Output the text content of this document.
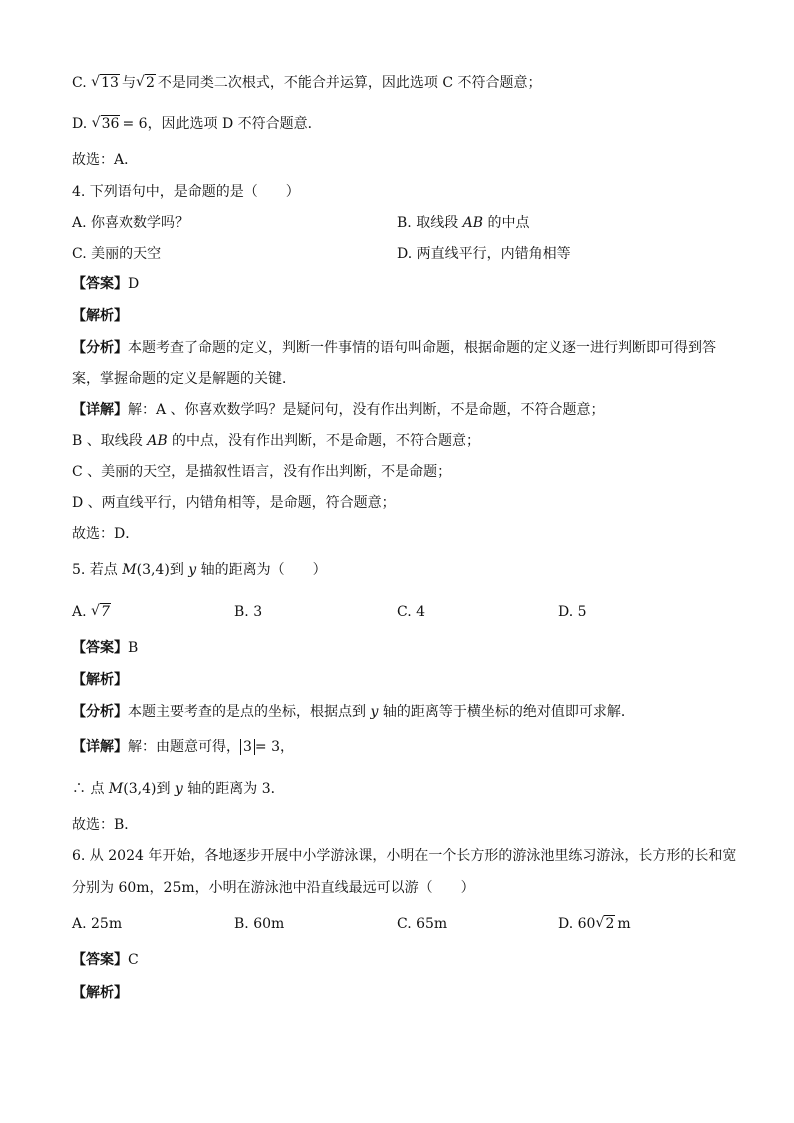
C. √ 13 与 √ 2 不是同类二次根式，不能合并运算，因此选项 C 不符合题意；
D. √ 36 = 6，因此选项 D 不符合题意．
故选：A．
4. 下列语句中，是命题的是（　　）
A. 你喜欢数学吗？	B. 取线段 AB 的中点
C. 美丽的天空	D. 两直线平行，内错角相等
【答案】D
【解析】
【分析】本题考查了命题的定义，判断一件事情的语句叫命题，根据命题的定义逐一进行判断即可得到答
案，掌握命题的定义是解题的关键．
【详解】解：A 、你喜欢数学吗？是疑问句，没有作出判断，不是命题，不符合题意；
B 、取线段 AB 的中点，没有作出判断，不是命题，不符合题意；
C 、美丽的天空，是描叙性语言，没有作出判断，不是命题；
D 、两直线平行，内错角相等，是命题，符合题意；
故选：D．
5. 若点 M(3,4)到 y 轴的距离为（　　）
A. √ 7	B. 3	C. 4	D. 5
【答案】B
【解析】
【分析】本题主要考查的是点的坐标，根据点到 y 轴的距离等于横坐标的绝对值即可求解．
【详解】解：由题意可得， 3 = 3，
∴ 点 M(3,4)到 y 轴的距离为 3．
故选：B．
6. 从 2024 年开始，各地逐步开展中小学游泳课，小明在一个长方形的游泳池里练习游泳，长方形的长和宽
分别为 60m，25m，小明在游泳池中沿直线最远可以游（　　）
A. 25m	B. 60m	C. 65m	D. 60 √ 2 m
【答案】C
【解析】
